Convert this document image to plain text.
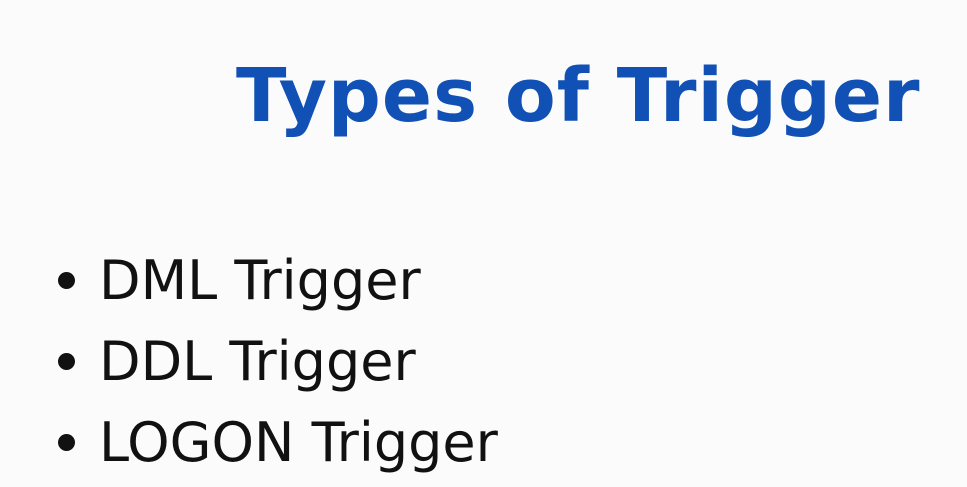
Types of Trigger
DML Trigger
DDL Trigger
LOGON Trigger
